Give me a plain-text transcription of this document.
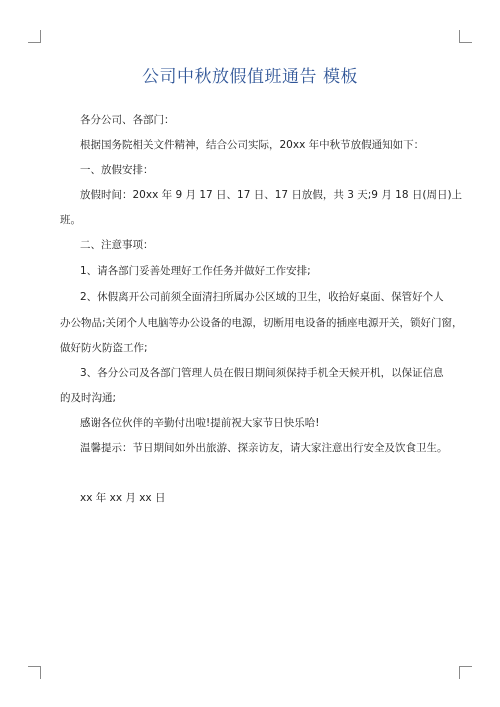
公司中秋放假值班通告 模板
各分公司、各部门：
根据国务院相关文件精神，结合公司实际，20xx 年中秋节放假通知如下：
一、放假安排：
放假时间：20xx 年 9 月 17 日、17 日、17 日放假，共 3 天;9 月 18 日(周日)上
班。
二、注意事项：
1、请各部门妥善处理好工作任务并做好工作安排;
2、休假离开公司前须全面清扫所属办公区域的卫生，收拾好桌面、保管好个人
办公物品;关闭个人电脑等办公设备的电源，切断用电设备的插座电源开关，锁好门窗，
做好防火防盗工作;
3、各分公司及各部门管理人员在假日期间须保持手机全天候开机，以保证信息
的及时沟通;
感谢各位伙伴的辛勤付出啦!提前祝大家节日快乐哈!
温馨提示：节日期间如外出旅游、探亲访友，请大家注意出行安全及饮食卫生。
xx 年 xx 月 xx 日
